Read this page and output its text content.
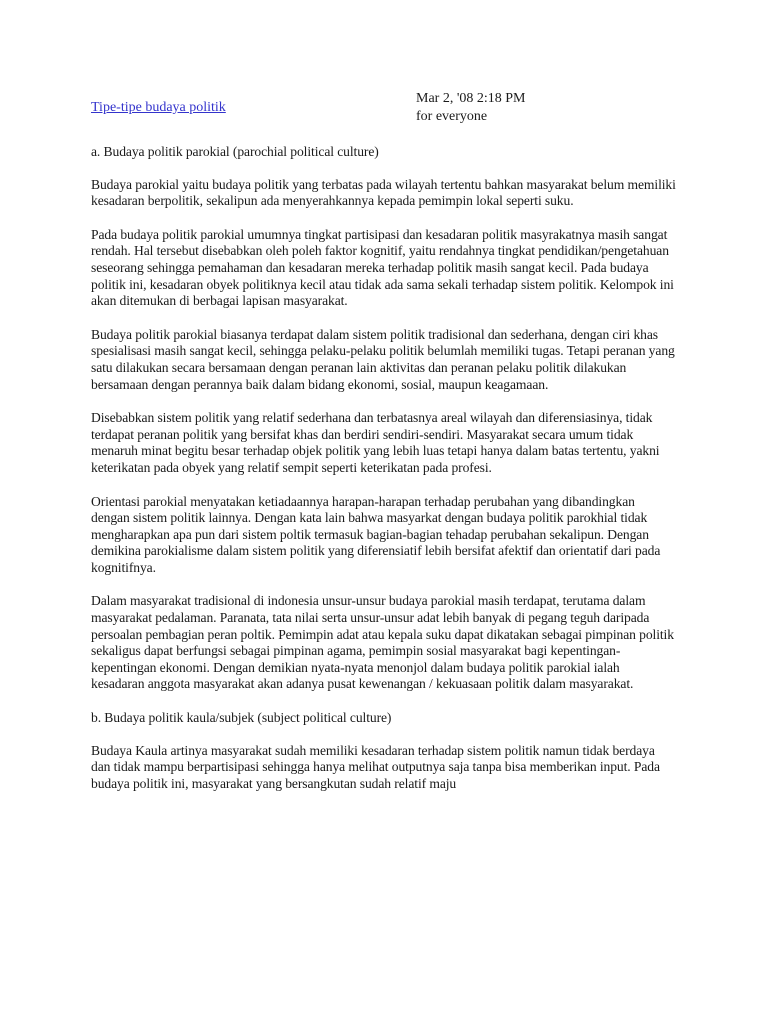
Tipe-tipe budaya politik
Mar 2, '08 2:18 PM
for everyone

a. Budaya politik parokial (parochial political culture)

Budaya parokial yaitu budaya politik yang terbatas pada wilayah tertentu bahkan masyarakat belum memiliki kesadaran berpolitik, sekalipun ada menyerahkannya kepada pemimpin lokal seperti suku.

Pada budaya politik parokial umumnya tingkat partisipasi dan kesadaran politik masyrakatnya masih sangat rendah. Hal tersebut disebabkan oleh poleh faktor kognitif, yaitu rendahnya tingkat pendidikan/pengetahuan seseorang sehingga pemahaman dan kesadaran mereka terhadap politik masih sangat kecil. Pada budaya politik ini, kesadaran obyek politiknya kecil atau tidak ada sama sekali terhadap sistem politik. Kelompok ini akan ditemukan di berbagai lapisan masyarakat.

Budaya politik parokial biasanya terdapat dalam sistem politik tradisional dan sederhana, dengan ciri khas spesialisasi masih sangat kecil, sehingga pelaku-pelaku politik belumlah memiliki tugas. Tetapi peranan yang satu dilakukan secara bersamaan dengan peranan lain aktivitas dan peranan pelaku politik dilakukan bersamaan dengan perannya baik dalam bidang ekonomi, sosial, maupun keagamaan.

Disebabkan sistem politik yang relatif sederhana dan terbatasnya areal wilayah dan diferensiasinya, tidak terdapat peranan politik yang bersifat khas dan berdiri sendiri-sendiri. Masyarakat secara umum tidak menaruh minat begitu besar terhadap objek politik yang lebih luas tetapi hanya dalam batas tertentu, yakni keterikatan pada obyek yang relatif sempit seperti keterikatan pada profesi.

Orientasi parokial menyatakan ketiadaannya harapan-harapan terhadap perubahan yang dibandingkan dengan sistem politik lainnya. Dengan kata lain bahwa masyarkat dengan budaya politik parokhial tidak mengharapkan apa pun dari sistem poltik termasuk bagian-bagian tehadap perubahan sekalipun. Dengan demikina parokialisme dalam sistem politik yang diferensiatif lebih bersifat afektif dan orientatif dari pada kognitifnya.

Dalam masyarakat tradisional di indonesia unsur-unsur budaya parokial masih terdapat, terutama dalam masyarakat pedalaman. Paranata, tata nilai serta unsur-unsur adat lebih banyak di pegang teguh daripada persoalan pembagian peran poltik. Pemimpin adat atau kepala suku dapat dikatakan sebagai pimpinan politik sekaligus dapat berfungsi sebagai pimpinan agama, pemimpin sosial masyarakat bagi kepentingan-kepentingan ekonomi. Dengan demikian nyata-nyata menonjol dalam budaya politik parokial ialah kesadaran anggota masyarakat akan adanya pusat kewenangan / kekuasaan politik dalam masyarakat.

b. Budaya politik kaula/subjek (subject political culture)

Budaya Kaula artinya masyarakat sudah memiliki kesadaran terhadap sistem politik namun tidak berdaya dan tidak mampu berpartisipasi sehingga hanya melihat outputnya saja tanpa bisa memberikan input. Pada budaya politik ini, masyarakat yang bersangkutan sudah relatif maju
